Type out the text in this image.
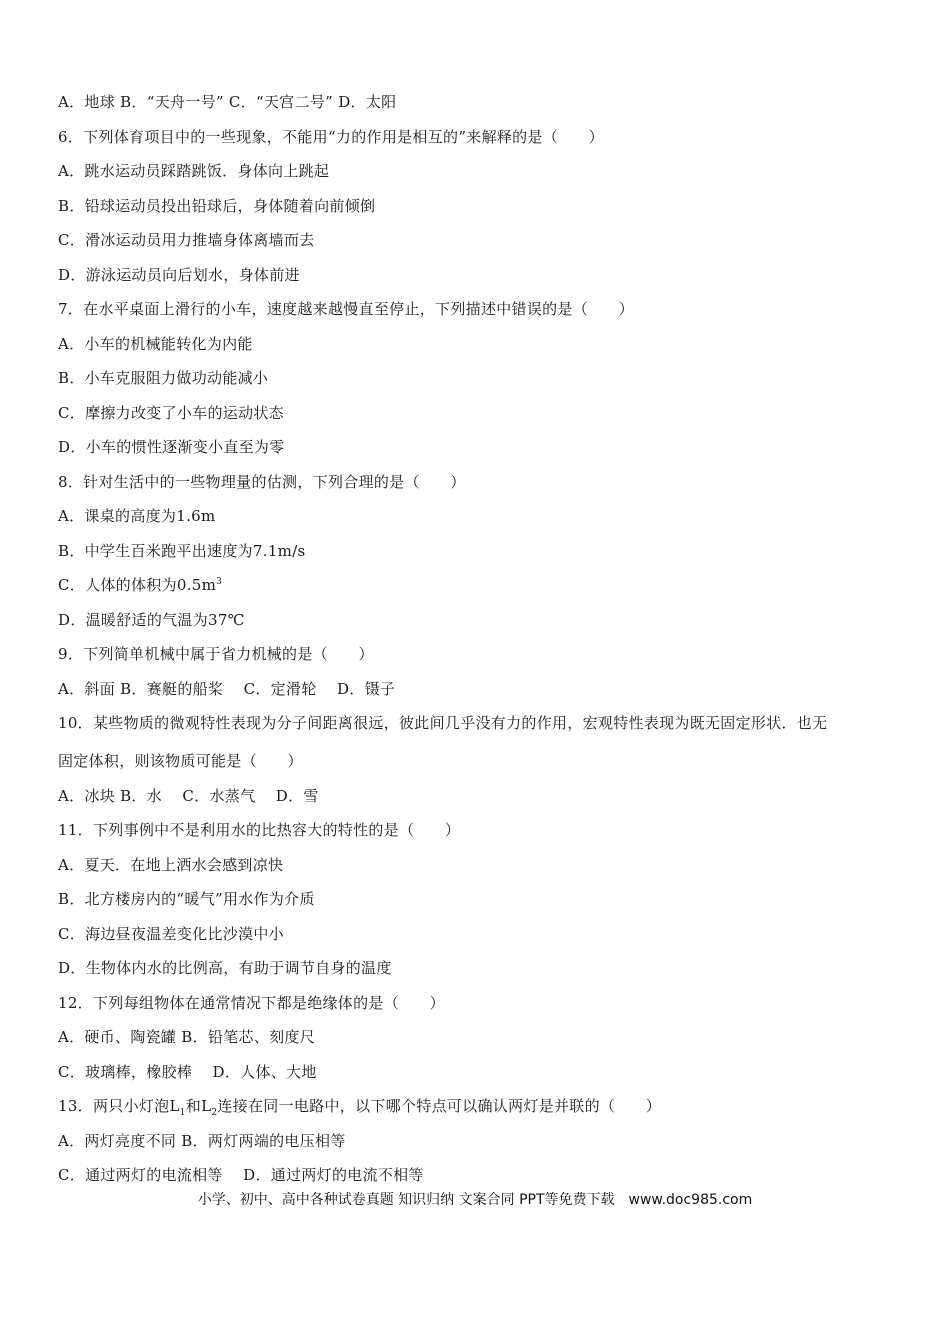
A．地球 B．“天舟一号” C．“天宫二号” D．太阳
6．下列体育项目中的一些现象，不能用“力的作用是相互的”来解释的是（　　）
A．跳水运动员踩踏跳饭．身体向上跳起
B．铅球运动员投出铅球后，身体随着向前倾倒
C．滑冰运动员用力推墙身体离墙而去
D．游泳运动员向后划水，身体前进
7．在水平桌面上滑行的小车，速度越来越慢直至停止，下列描述中错误的是（　　）
A．小车的机械能转化为内能
B．小车克服阻力做功动能减小
C．摩擦力改变了小车的运动状态
D．小车的惯性逐渐变小直至为零
8．针对生活中的一些物理量的估测，下列合理的是（　　）
A．课桌的高度为1.6m
B．中学生百米跑平出速度为7.1m/s
C．人体的体积为$0.5m^3$
D．温暖舒适的气温为37℃
9．下列简单机械中属于省力机械的是（　　）
A．斜面 B．赛艇的船桨　 C．定滑轮　 D．镊子
10．某些物质的微观特性表现为分子间距离很远，彼此间几乎没有力的作用，宏观特性表现为既无固定形状．也无
固定体积，则该物质可能是（　　）
A．冰块 B．水　 C．水蒸气　 D．雪
11．下列事例中不是利用水的比热容大的特性的是（　　）
A．夏天．在地上洒水会感到凉快
B．北方楼房内的“暖气”用水作为介质
C．海边昼夜温差变化比沙漠中小
D．生物体内水的比例高，有助于调节自身的温度
12．下列每组物体在通常情况下都是绝缘体的是（　　）
A．硬币、陶瓷罐 B．铅笔芯、刻度尺
C．玻璃棒，橡胶棒　 D．人体、大地
13．两只小灯泡$L_1$和$L_2$连接在同一电路中，以下哪个特点可以确认两灯是并联的（　　）
A．两灯亮度不同 B．两灯两端的电压相等
C．通过两灯的电流相等　 D．通过两灯的电流不相等
小学、初中、高中各种试卷真题 知识归纳 文案合同 PPT等免费下载　www.doc985.com
